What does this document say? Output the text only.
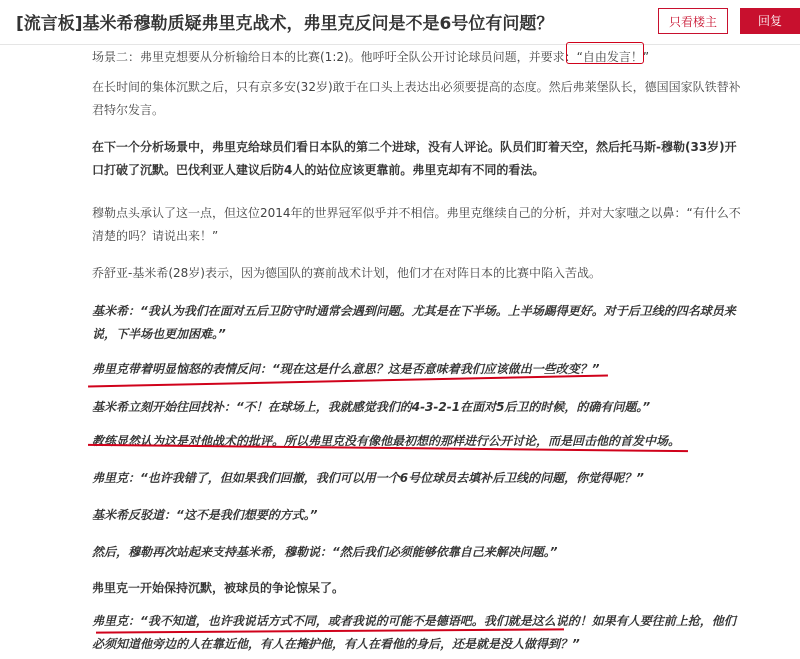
[流言板]基米希穆勒质疑弗里克战术，弗里克反问是不是6号位有问题？	只看楼主	回复
场景二：弗里克想要从分析输给日本的比赛(1:2)。他呼吁全队公开讨论球员问题，并要求：“自由发言！”
在长时间的集体沉默之后，只有京多安(32岁)敢于在口头上表达出必须要提高的态度。然后弗莱堡队长，德国国家队铁替补君特尔发言。
在下一个分析场景中，弗里克给球员们看日本队的第二个进球，没有人评论。队员们盯着天空，然后托马斯-穆勒(33岁)开口打破了沉默。巴伐利亚人建议后防4人的站位应该更靠前。弗里克却有不同的看法。
穆勒点头承认了这一点，但这位2014年的世界冠军似乎并不相信。弗里克继续自己的分析，并对大家嗤之以鼻：“有什么不清楚的吗？请说出来！”
乔舒亚-基米希(28岁)表示，因为德国队的赛前战术计划，他们才在对阵日本的比赛中陷入苦战。
基米希：“我认为我们在面对五后卫防守时通常会遇到问题。尤其是在下半场。上半场踢得更好。对于后卫线的四名球员来说，下半场也更加困难。”
弗里克带着明显恼怒的表情反问：“现在这是什么意思？这是否意味着我们应该做出一些改变？”
基米希立刻开始往回找补：“不！在球场上，我就感觉我们的4-3-2-1在面对5后卫的时候，的确有问题。”
教练显然认为这是对他战术的批评。所以弗里克没有像他最初想的那样进行公开讨论，而是回击他的首发中场。
弗里克：“也许我错了，但如果我们回撤，我们可以用一个6号位球员去填补后卫线的问题，你觉得呢？”
基米希反驳道：“这不是我们想要的方式。”
然后，穆勒再次站起来支持基米希，穆勒说：“然后我们必须能够依靠自己来解决问题。”
弗里克一开始保持沉默，被球员的争论惊呆了。
弗里克：“我不知道，也许我说话方式不同，或者我说的可能不是德语吧。我们就是这么说的！如果有人要往前上抢，他们必须知道他旁边的人在靠近他，有人在掩护他，有人在看他的身后，还是就是没人做得到？”
